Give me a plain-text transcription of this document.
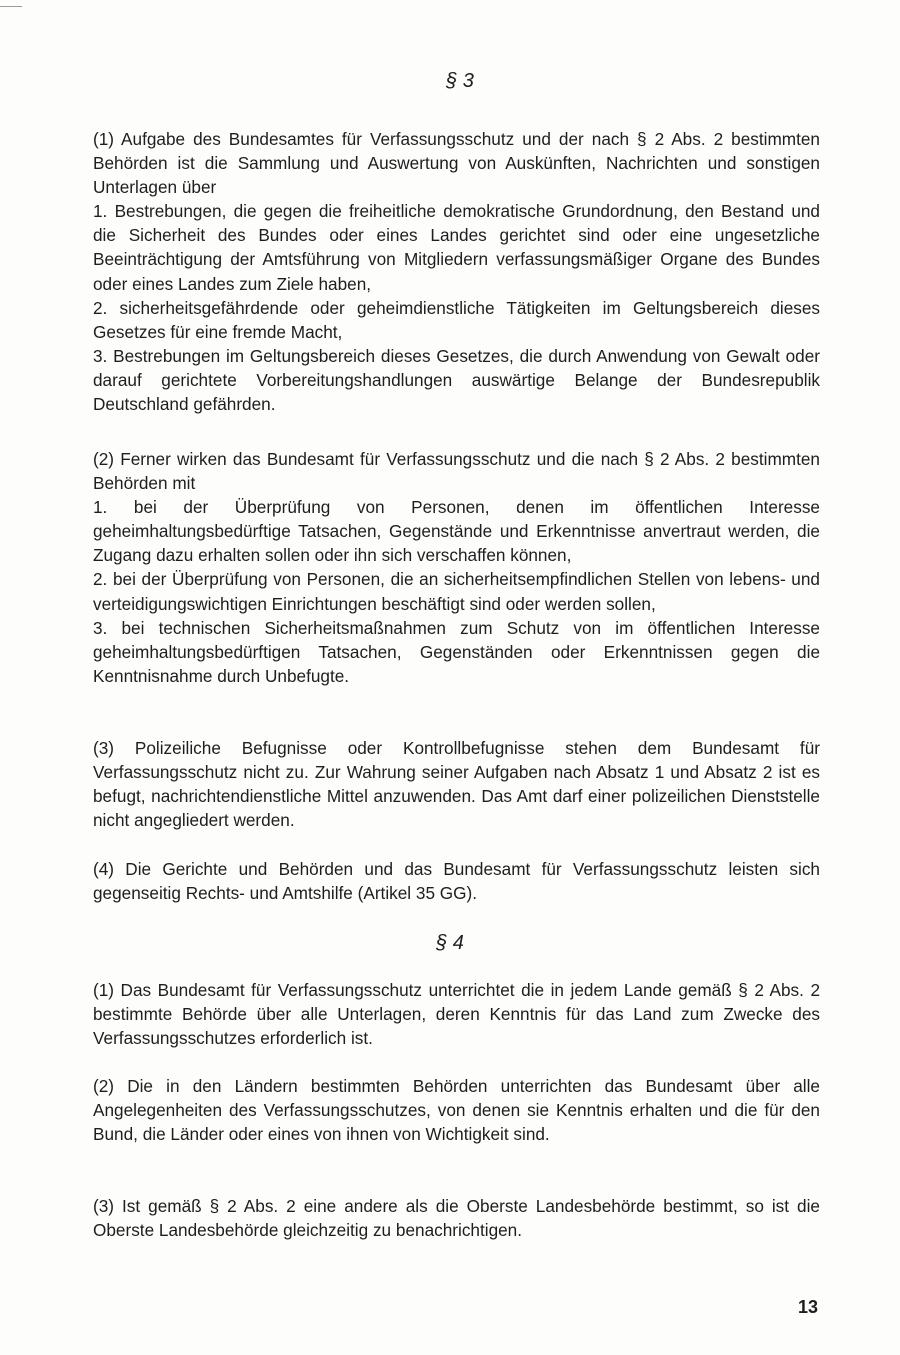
§ 3
(1) Aufgabe des Bundesamtes für Verfassungsschutz und der nach § 2 Abs. 2 bestimmten Behörden ist die Sammlung und Auswertung von Auskünften, Nachrichten und sonstigen Unterlagen über
1. Bestrebungen, die gegen die freiheitliche demokratische Grundordnung, den Bestand und die Sicherheit des Bundes oder eines Landes gerichtet sind oder eine ungesetzliche Beeinträchtigung der Amtsführung von Mitgliedern verfassungsmäßiger Organe des Bundes oder eines Landes zum Ziele haben,
2. sicherheitsgefährdende oder geheimdienstliche Tätigkeiten im Geltungsbereich dieses Gesetzes für eine fremde Macht,
3. Bestrebungen im Geltungsbereich dieses Gesetzes, die durch Anwendung von Gewalt oder darauf gerichtete Vorbereitungshandlungen auswärtige Belange der Bundesrepublik Deutschland gefährden.
(2) Ferner wirken das Bundesamt für Verfassungsschutz und die nach § 2 Abs. 2 bestimmten Behörden mit
1. bei der Überprüfung von Personen, denen im öffentlichen Interesse geheimhaltungsbedürftige Tatsachen, Gegenstände und Erkenntnisse anvertraut werden, die Zugang dazu erhalten sollen oder ihn sich verschaffen können,
2. bei der Überprüfung von Personen, die an sicherheitsempfindlichen Stellen von lebens- und verteidigungswichtigen Einrichtungen beschäftigt sind oder werden sollen,
3. bei technischen Sicherheitsmaßnahmen zum Schutz von im öffentlichen Interesse geheimhaltungsbedürftigen Tatsachen, Gegenständen oder Erkenntnissen gegen die Kenntnisnahme durch Unbefugte.
(3) Polizeiliche Befugnisse oder Kontrollbefugnisse stehen dem Bundesamt für Verfassungsschutz nicht zu. Zur Wahrung seiner Aufgaben nach Absatz 1 und Absatz 2 ist es befugt, nachrichtendienstliche Mittel anzuwenden. Das Amt darf einer polizeilichen Dienststelle nicht angegliedert werden.
(4) Die Gerichte und Behörden und das Bundesamt für Verfassungsschutz leisten sich gegenseitig Rechts- und Amtshilfe (Artikel 35 GG).
§ 4
(1) Das Bundesamt für Verfassungsschutz unterrichtet die in jedem Lande gemäß § 2 Abs. 2 bestimmte Behörde über alle Unterlagen, deren Kenntnis für das Land zum Zwecke des Verfassungsschutzes erforderlich ist.
(2) Die in den Ländern bestimmten Behörden unterrichten das Bundesamt über alle Angelegenheiten des Verfassungsschutzes, von denen sie Kenntnis erhalten und die für den Bund, die Länder oder eines von ihnen von Wichtigkeit sind.
(3) Ist gemäß § 2 Abs. 2 eine andere als die Oberste Landesbehörde bestimmt, so ist die Oberste Landesbehörde gleichzeitig zu benachrichtigen.
13
